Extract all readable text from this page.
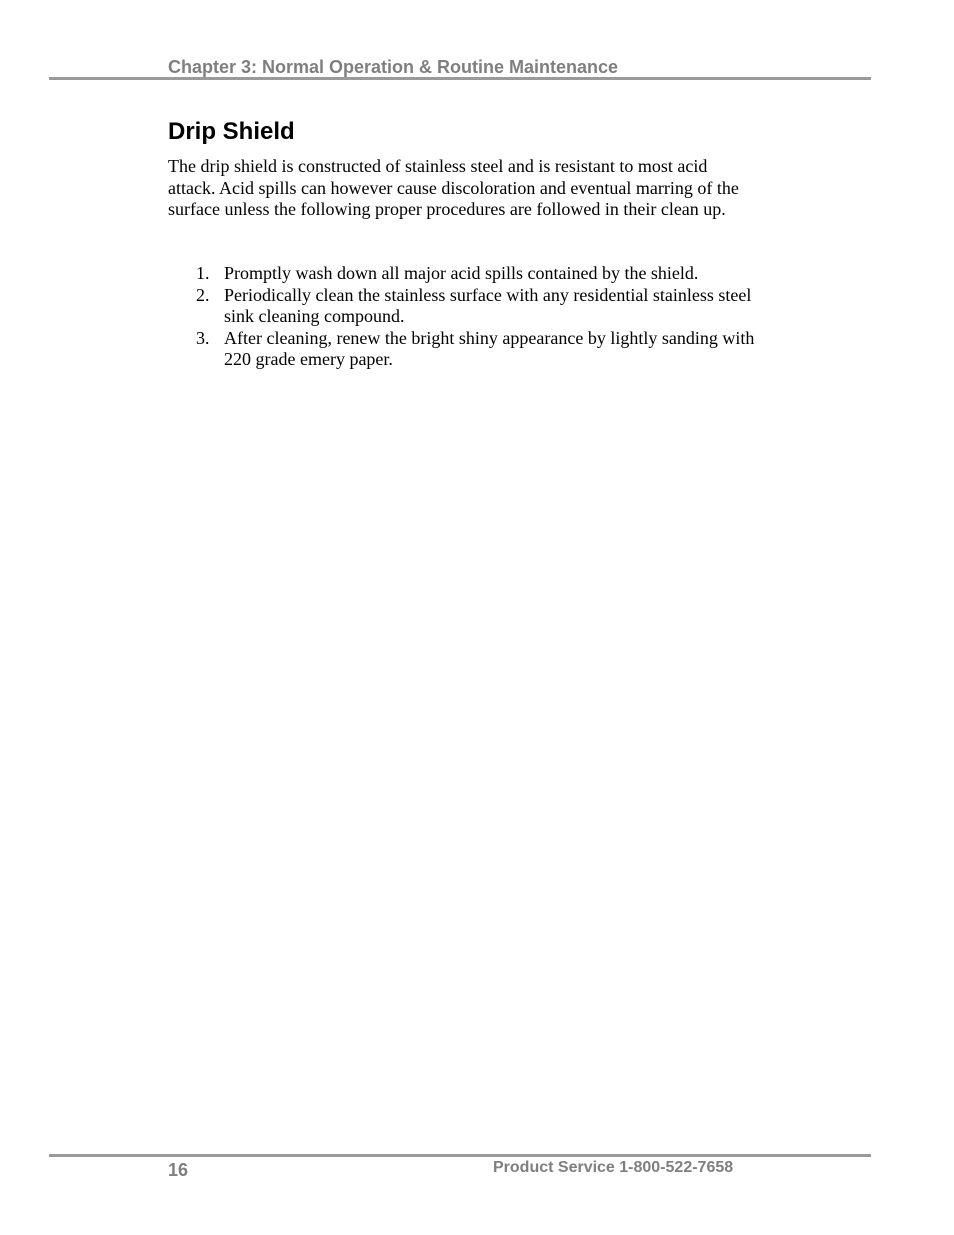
Chapter 3: Normal Operation & Routine Maintenance
Drip Shield

The drip shield is constructed of stainless steel and is resistant to most acid attack. Acid spills can however cause discoloration and eventual marring of the surface unless the following proper procedures are followed in their clean up.

1. Promptly wash down all major acid spills contained by the shield.
2. Periodically clean the stainless surface with any residential stainless steel sink cleaning compound.
3. After cleaning, renew the bright shiny appearance by lightly sanding with 220 grade emery paper.
16	Product Service 1-800-522-7658
